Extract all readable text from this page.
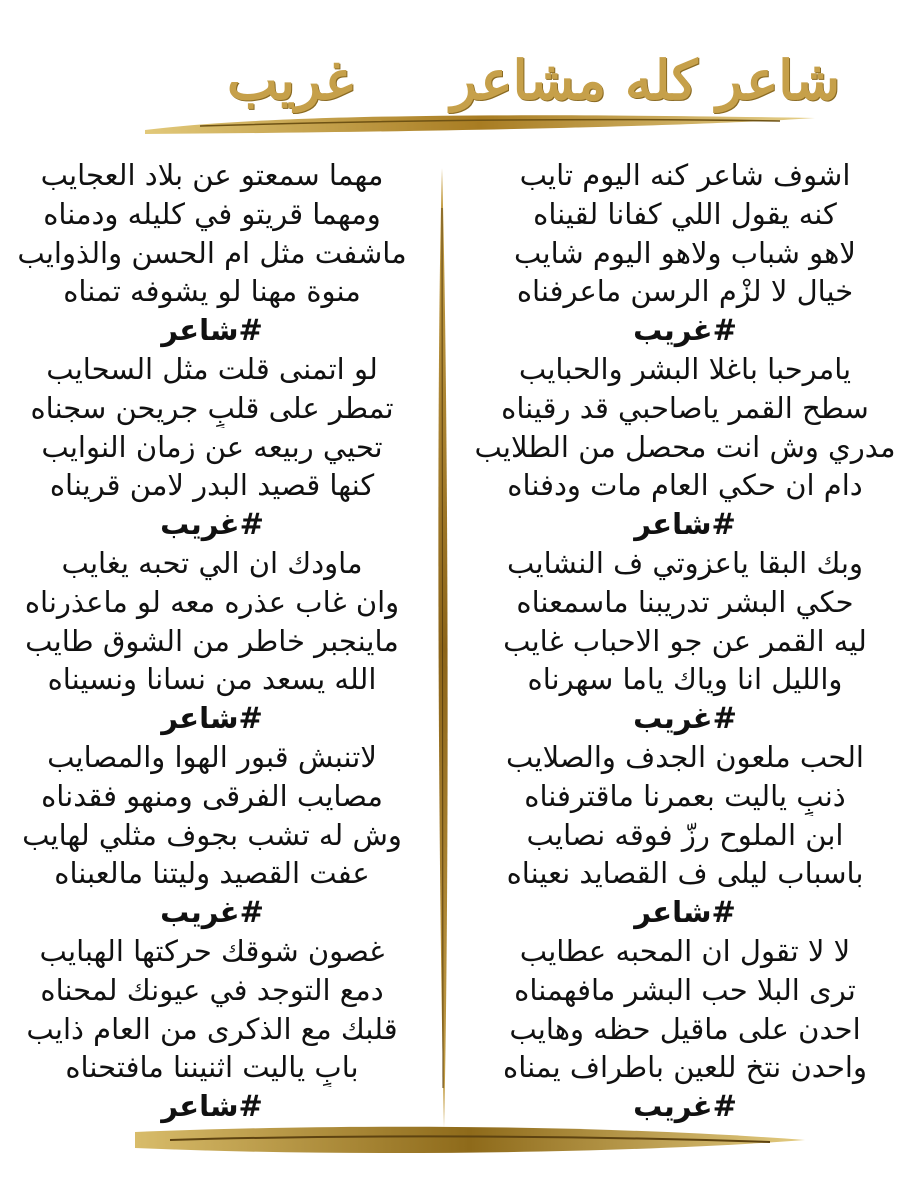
شاعر كله مشاعر
غريب
اشوف شاعر كنه اليوم تايب
كنه يقول اللي كفانا لقيناه
لاهو شباب ولاهو اليوم شايب
خيال لا لزْم الرسن ماعرفناه
#غريب
يامرحبا باغلا البشر والحبايب
سطح القمر ياصاحبي قد رقيناه
مدري وش انت محصل من الطلايب
دام ان حكي العام مات ودفناه
#شاعر
وبك البقا ياعزوتي ف النشايب
حكي البشر تدريبنا ماسمعناه
ليه القمر عن جو الاحباب غايب
والليل انا وياك ياما سهرناه
#غريب
الحب ملعون الجدف والصلايب
ذنبٍ ياليت بعمرنا ماقترفناه
ابن الملوح رزّ فوقه نصايب
باسباب ليلى ف القصايد نعيناه
#شاعر
لا لا تقول ان المحبه عطايب
ترى البلا حب البشر مافهمناه
احدن على ماقيل حظه وهايب
واحدن نتخ للعين باطراف يمناه
#غريب
مهما سمعتو عن بلاد العجايب
ومهما قريتو في كليله ودمناه
ماشفت مثل ام الحسن والذوايب
منوة مهنا لو يشوفه تمناه
#شاعر
لو اتمنى قلت مثل السحايب
تمطر على قلبٍ جريحن سجناه
تحيي ربيعه عن زمان النوايب
كنها قصيد البدر لامن قريناه
#غريب
ماودك ان الي تحبه يغايب
وان غاب عذره معه لو ماعذرناه
ماينجبر خاطر من الشوق طايب
الله يسعد من نسانا ونسيناه
#شاعر
لاتنبش قبور الهوا والمصايب
مصايب الفرقى ومنهو فقدناه
وش له تشب بجوف مثلي لهايب
عفت القصيد وليتنا مالعبناه
#غريب
غصون شوقك حركتها الهبايب
دمع التوجد في عيونك لمحناه
قلبك مع الذكرى من العام ذايب
بابٍ ياليت اثنيننا مافتحناه
#شاعر
